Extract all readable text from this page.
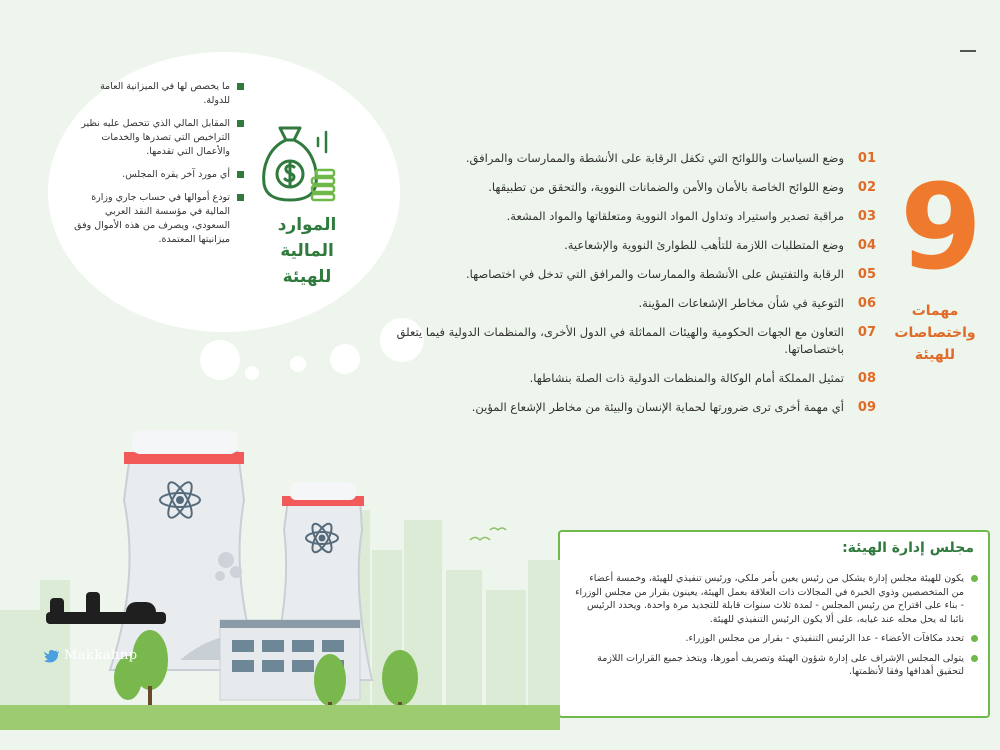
ما يخصص لها في الميزانية العامة للدولة.
المقابل المالي الذي تتحصل عليه نظير التراخيص التي تصدرها والخدمات والأعمال التي تقدمها.
أي مورد آخر يقره المجلس.
تودع أموالها في حساب جاري وزارة المالية في مؤسسة النقد العربي السعودي، ويصرف من هذه الأموال وفق ميزانيتها المعتمدة.
الموارد المالية
للهيئة
01
وضع السياسات واللوائح التي تكفل الرقابة على الأنشطة والممارسات والمرافق.
02
وضع اللوائح الخاصة بالأمان والأمن والضمانات النووية، والتحقق من تطبيقها.
03
مراقبة تصدير واستيراد وتداول المواد النووية ومتعلقاتها والمواد المشعة.
04
وضع المتطلبات اللازمة للتأهب للطوارئ النووية والإشعاعية.
05
الرقابة والتفتيش على الأنشطة والممارسات والمرافق التي تدخل في اختصاصها.
06
التوعية في شأن مخاطر الإشعاعات المؤينة.
07
التعاون مع الجهات الحكومية والهيئات المماثلة في الدول الأخرى، والمنظمات الدولية فيما يتعلق باختصاصاتها.
08
تمثيل المملكة أمام الوكالة والمنظمات الدولية ذات الصلة بنشاطها.
09
أي مهمة أخرى ترى ضرورتها لحماية الإنسان والبيئة من مخاطر الإشعاع المؤين.
9
مهمات
واختصاصات
للهيئة
مجلس إدارة الهيئة:
يكون للهيئة مجلس إدارة يشكل من رئيس يعين بأمر ملكي، ورئيس تنفيذي للهيئة، وخمسة أعضاء من المتخصصين وذوي الخبرة في المجالات ذات العلاقة بعمل الهيئة، يعينون بقرار من مجلس الوزراء - بناء على اقتراح من رئيس المجلس - لمدة ثلاث سنوات قابلة للتجديد مرة واحدة. ويحدد الرئيس نائبا له يحل محله عند غيابه، على ألا يكون الرئيس التنفيذي للهيئة.
تحدد مكافآت الأعضاء - عدا الرئيس التنفيذي - بقرار من مجلس الوزراء.
يتولى المجلس الإشراف على إدارة شؤون الهيئة وتصريف أمورها، ويتخذ جميع القرارات اللازمة لتحقيق أهدافها وفقا لأنظمتها.
Makkahnp
